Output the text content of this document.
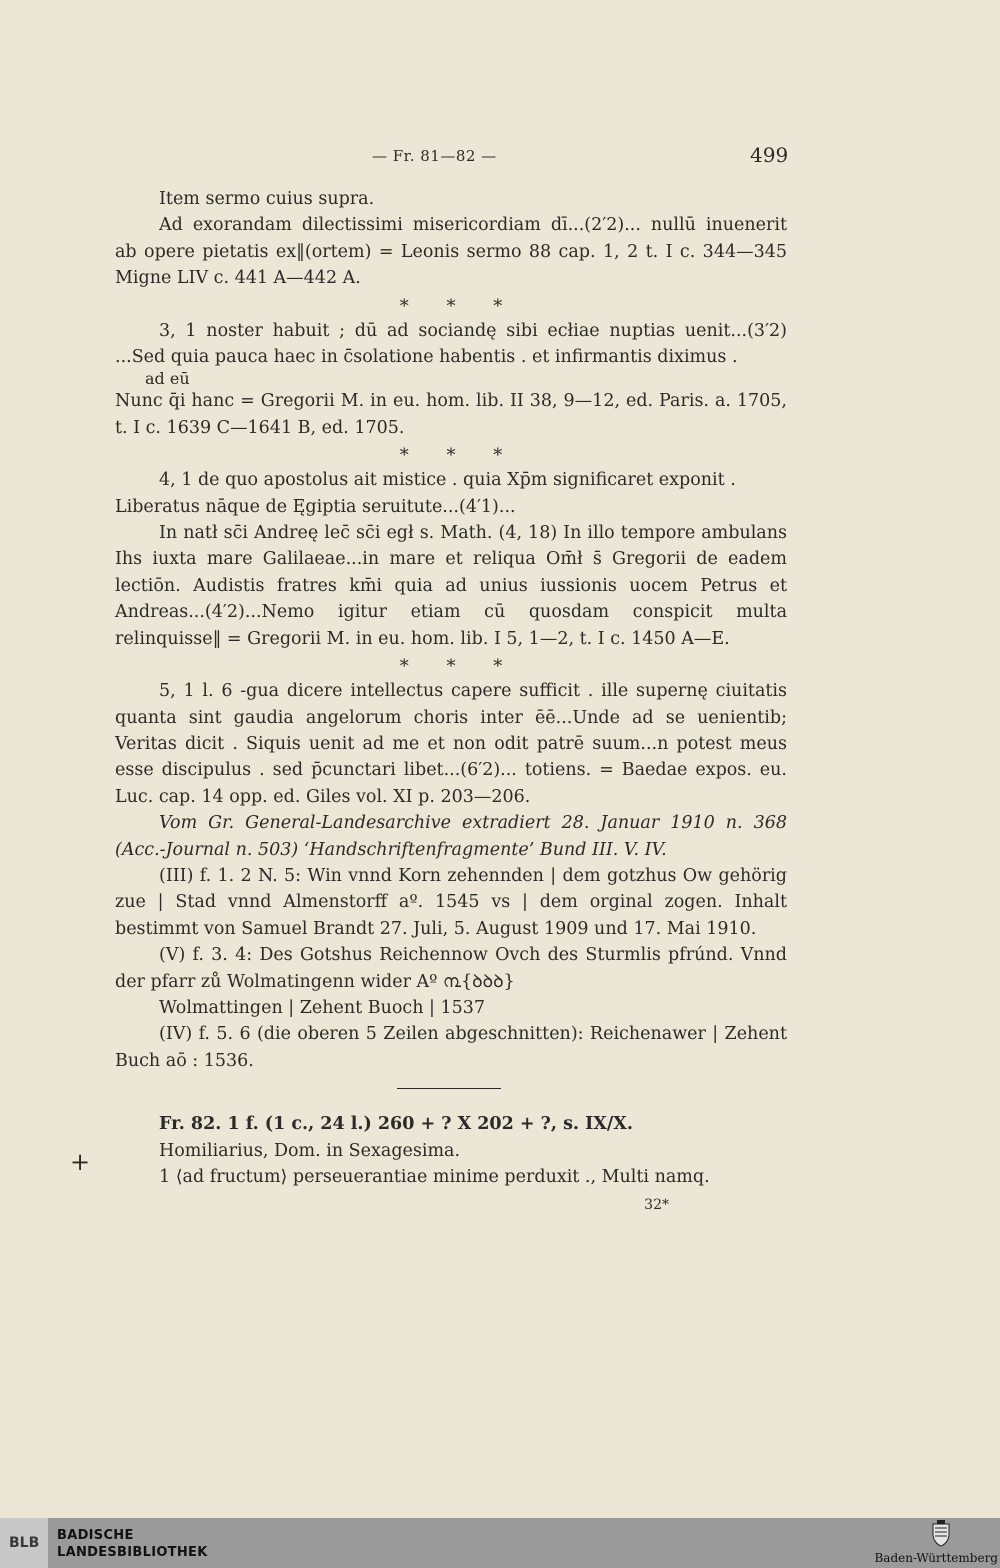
— Fr. 81—82 —	499

Item sermo cuius supra.

Ad exorandam dilectissimi misericordiam dī...(2′2)... nullū inuenerit ab opere pietatis ex‖(ortem) = Leonis sermo 88 cap. 1, 2 t. I c. 344—345 Migne LIV c. 441 A—442 A.

* * *

3, 1 noster habuit ; dū ad sociandę sibi ecłiae nuptias uenit...(3′2) ...Sed quia pauca haec in c̄solatione habentis . et infirmantis diximus .

ad eū

Nunc q̄i hanc = Gregorii M. in eu. hom. lib. II 38, 9—12, ed. Paris. a. 1705, t. I c. 1639 C—1641 B, ed. 1705.

* * *

4, 1 de quo apostolus ait mistice . quia Xp̄m significaret exponit .

Liberatus nāque de Ęgiptia seruitute...(4′1)...

In natł sc̄i Andreę lec̄ sc̄i egł s. Math. (4, 18) In illo tempore ambulans Ihs iuxta mare Galilaeae...in mare et reliqua Om̄ł s̄ Gregorii de eadem lectiōn. Audistis fratres km̄i quia ad unius iussionis uocem Petrus et Andreas...(4′2)...Nemo igitur etiam cū quosdam conspicit multa relinquisse‖ = Gregorii M. in eu. hom. lib. I 5, 1—2, t. I c. 1450 A—E.

* * *

5, 1 l. 6 -gua dicere intellectus capere sufficit . ille supernę ciuitatis quanta sint gaudia angelorum choris inter ēē...Unde ad se uenientib; Veritas dicit . Siquis uenit ad me et non odit patrē suum...n potest meus esse discipulus . sed p̄cunctari libet...(6′2)... totiens. = Baedae expos. eu. Luc. cap. 14 opp. ed. Giles vol. XI p. 203—206.

Vom Gr. General-Landesarchive extradiert 28. Januar 1910 n. 368 (Acc.-Journal n. 503) ‘Handschriftenfragmente’ Bund III. V. IV.

(III) f. 1. 2 N. 5: Win vnnd Korn zehennden | dem gotzhus Ow gehörig zue | Stad vnnd Almenstorff aº. 1545 vs | dem orginal zogen. Inhalt bestimmt von Samuel Brandt 27. Juli, 5. August 1909 und 17. Mai 1910.

(V) f. 3. 4: Des Gotshus Reichennow Ovch des Sturmlis pfrúnd. Vnnd der pfarr zů Wolmatingenn wider Aº ൩{ꝺꝺꝺ}

Wolmattingen | Zehent Buoch | 1537

(IV) f. 5. 6 (die oberen 5 Zeilen abgeschnitten): Reichenawer | Zehent Buch aō : 1536.

Fr. 82. 1 f. (1 c., 24 l.) 260 + ? X 202 + ?, s. IX/X.

Homiliarius, Dom. in Sexagesima.

1 ⟨ad fructum⟩ perseuerantiae minime perduxit ., Multi namq.

32*

+
BLB BADISCHE
LANDESBIBLIOTHEK	Baden-Württemberg
